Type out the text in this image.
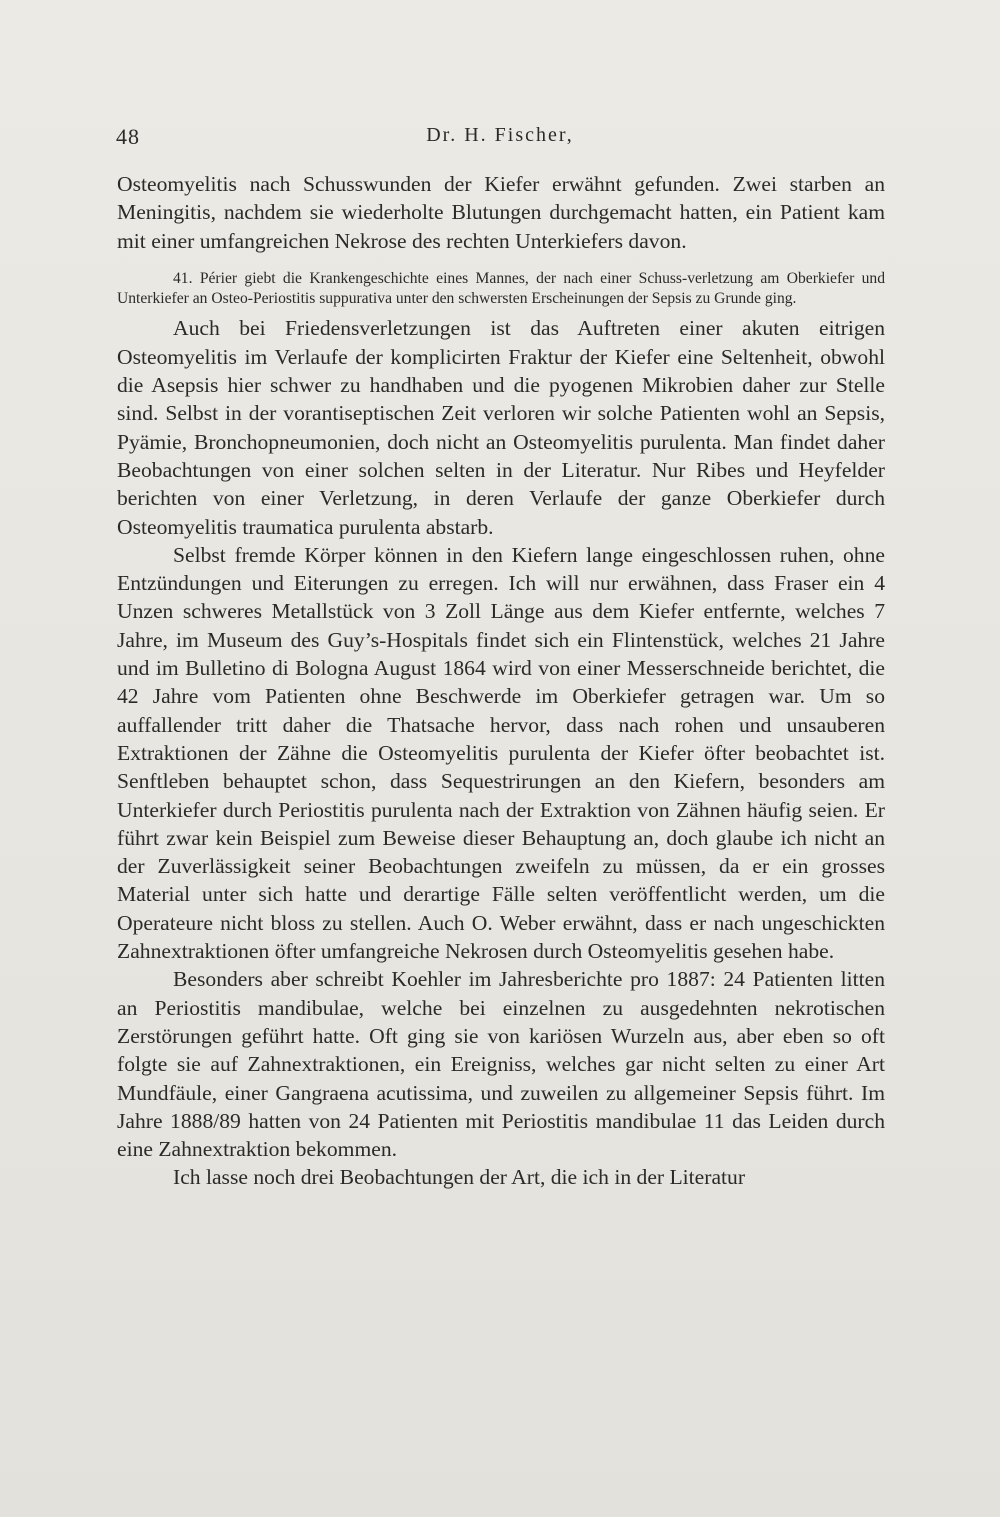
48	Dr. H. Fischer,

Osteomyelitis nach Schusswunden der Kiefer erwähnt gefunden. Zwei starben an Meningitis, nachdem sie wiederholte Blutungen durchgemacht hatten, ein Patient kam mit einer umfangreichen Nekrose des rechten Unterkiefers davon.

41. Périer giebt die Krankengeschichte eines Mannes, der nach einer Schuss-verletzung am Oberkiefer und Unterkiefer an Osteo-Periostitis suppurativa unter den schwersten Erscheinungen der Sepsis zu Grunde ging.

Auch bei Friedensverletzungen ist das Auftreten einer akuten eitrigen Osteomyelitis im Verlaufe der komplicirten Fraktur der Kiefer eine Seltenheit, obwohl die Asepsis hier schwer zu handhaben und die pyogenen Mikrobien daher zur Stelle sind. Selbst in der vorantiseptischen Zeit verloren wir solche Patienten wohl an Sepsis, Pyämie, Bronchopneumonien, doch nicht an Osteomyelitis purulenta. Man findet daher Beobachtungen von einer solchen selten in der Literatur. Nur Ribes und Heyfelder berichten von einer Verletzung, in deren Verlaufe der ganze Oberkiefer durch Osteomyelitis traumatica purulenta abstarb.

Selbst fremde Körper können in den Kiefern lange eingeschlossen ruhen, ohne Entzündungen und Eiterungen zu erregen. Ich will nur erwähnen, dass Fraser ein 4 Unzen schweres Metallstück von 3 Zoll Länge aus dem Kiefer entfernte, welches 7 Jahre, im Museum des Guy’s-Hospitals findet sich ein Flintenstück, welches 21 Jahre und im Bulletino di Bologna August 1864 wird von einer Messerschneide berichtet, die 42 Jahre vom Patienten ohne Beschwerde im Oberkiefer getragen war. Um so auffallender tritt daher die Thatsache hervor, dass nach rohen und unsauberen Extraktionen der Zähne die Osteomyelitis purulenta der Kiefer öfter beobachtet ist. Senftleben behauptet schon, dass Sequestrirungen an den Kiefern, besonders am Unterkiefer durch Periostitis purulenta nach der Extraktion von Zähnen häufig seien. Er führt zwar kein Beispiel zum Beweise dieser Behauptung an, doch glaube ich nicht an der Zuverlässigkeit seiner Beobachtungen zweifeln zu müssen, da er ein grosses Material unter sich hatte und derartige Fälle selten veröffentlicht werden, um die Operateure nicht bloss zu stellen. Auch O. Weber erwähnt, dass er nach ungeschickten Zahnextraktionen öfter umfangreiche Nekrosen durch Osteomyelitis gesehen habe.

Besonders aber schreibt Koehler im Jahresberichte pro 1887: 24 Patienten litten an Periostitis mandibulae, welche bei einzelnen zu ausgedehnten nekrotischen Zerstörungen geführt hatte. Oft ging sie von kariösen Wurzeln aus, aber eben so oft folgte sie auf Zahnextraktionen, ein Ereigniss, welches gar nicht selten zu einer Art Mundfäule, einer Gangraena acutissima, und zuweilen zu allgemeiner Sepsis führt. Im Jahre 1888/89 hatten von 24 Patienten mit Periostitis mandibulae 11 das Leiden durch eine Zahnextraktion bekommen.

Ich lasse noch drei Beobachtungen der Art, die ich in der Literatur
